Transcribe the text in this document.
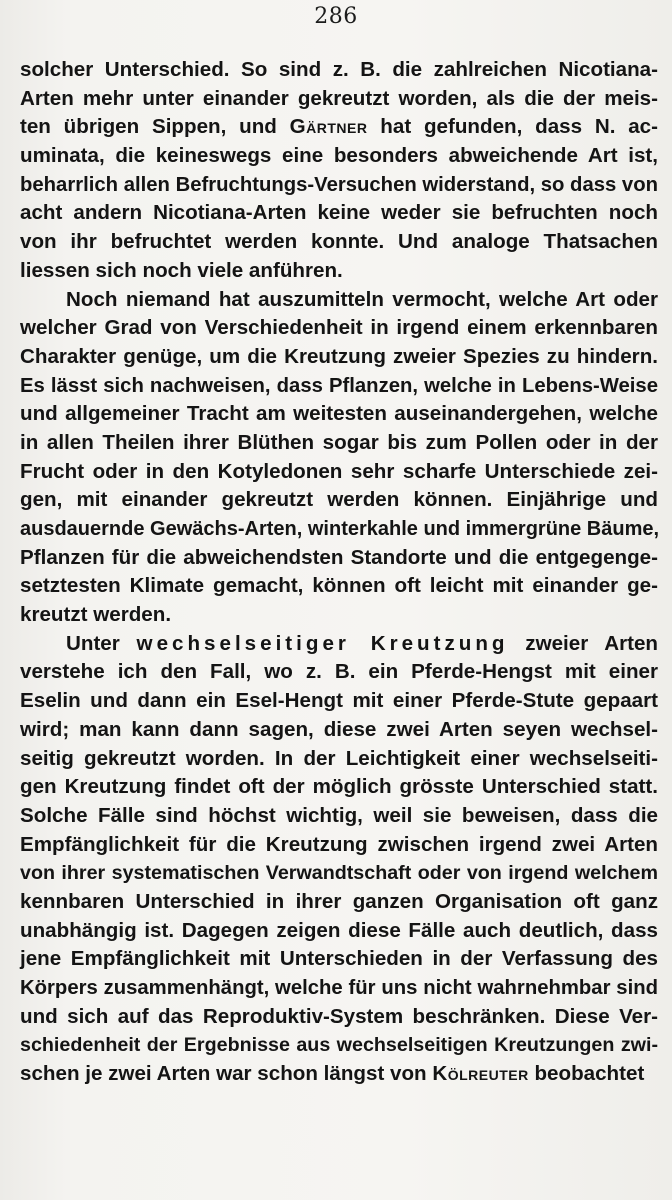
286
solcher Unterschied. So sind z. B. die zahlreichen Nicotiana-
Arten mehr unter einander gekreutzt worden, als die der meis-
ten übrigen Sippen, und Gärtner hat gefunden, dass N. ac-
uminata, die keineswegs eine besonders abweichende Art ist,
beharrlich allen Befruchtungs-Versuchen widerstand, so dass von
acht andern Nicotiana-Arten keine weder sie befruchten noch
von ihr befruchtet werden konnte. Und analoge Thatsachen
liessen sich noch viele anführen.
Noch niemand hat auszumitteln vermocht, welche Art oder
welcher Grad von Verschiedenheit in irgend einem erkennbaren
Charakter genüge, um die Kreutzung zweier Spezies zu hindern.
Es lässt sich nachweisen, dass Pflanzen, welche in Lebens-Weise
und allgemeiner Tracht am weitesten auseinandergehen, welche
in allen Theilen ihrer Blüthen sogar bis zum Pollen oder in der
Frucht oder in den Kotyledonen sehr scharfe Unterschiede zei-
gen, mit einander gekreutzt werden können. Einjährige und
ausdauernde Gewächs-Arten, winterkahle und immergrüne Bäume,
Pflanzen für die abweichendsten Standorte und die entgegenge-
setztesten Klimate gemacht, können oft leicht mit einander ge-
kreutzt werden.
Unter wechselseitiger Kreutzung zweier Arten
verstehe ich den Fall, wo z. B. ein Pferde-Hengst mit einer
Eselin und dann ein Esel-Hengt mit einer Pferde-Stute gepaart
wird; man kann dann sagen, diese zwei Arten seyen wechsel-
seitig gekreutzt worden. In der Leichtigkeit einer wechselseiti-
gen Kreutzung findet oft der möglich grösste Unterschied statt.
Solche Fälle sind höchst wichtig, weil sie beweisen, dass die
Empfänglichkeit für die Kreutzung zwischen irgend zwei Arten
von ihrer systematischen Verwandtschaft oder von irgend welchem
kennbaren Unterschied in ihrer ganzen Organisation oft ganz
unabhängig ist. Dagegen zeigen diese Fälle auch deutlich, dass
jene Empfänglichkeit mit Unterschieden in der Verfassung des
Körpers zusammenhängt, welche für uns nicht wahrnehmbar sind
und sich auf das Reproduktiv-System beschränken. Diese Ver-
schiedenheit der Ergebnisse aus wechselseitigen Kreutzungen zwi-
schen je zwei Arten war schon längst von Kölreuter beobachtet
